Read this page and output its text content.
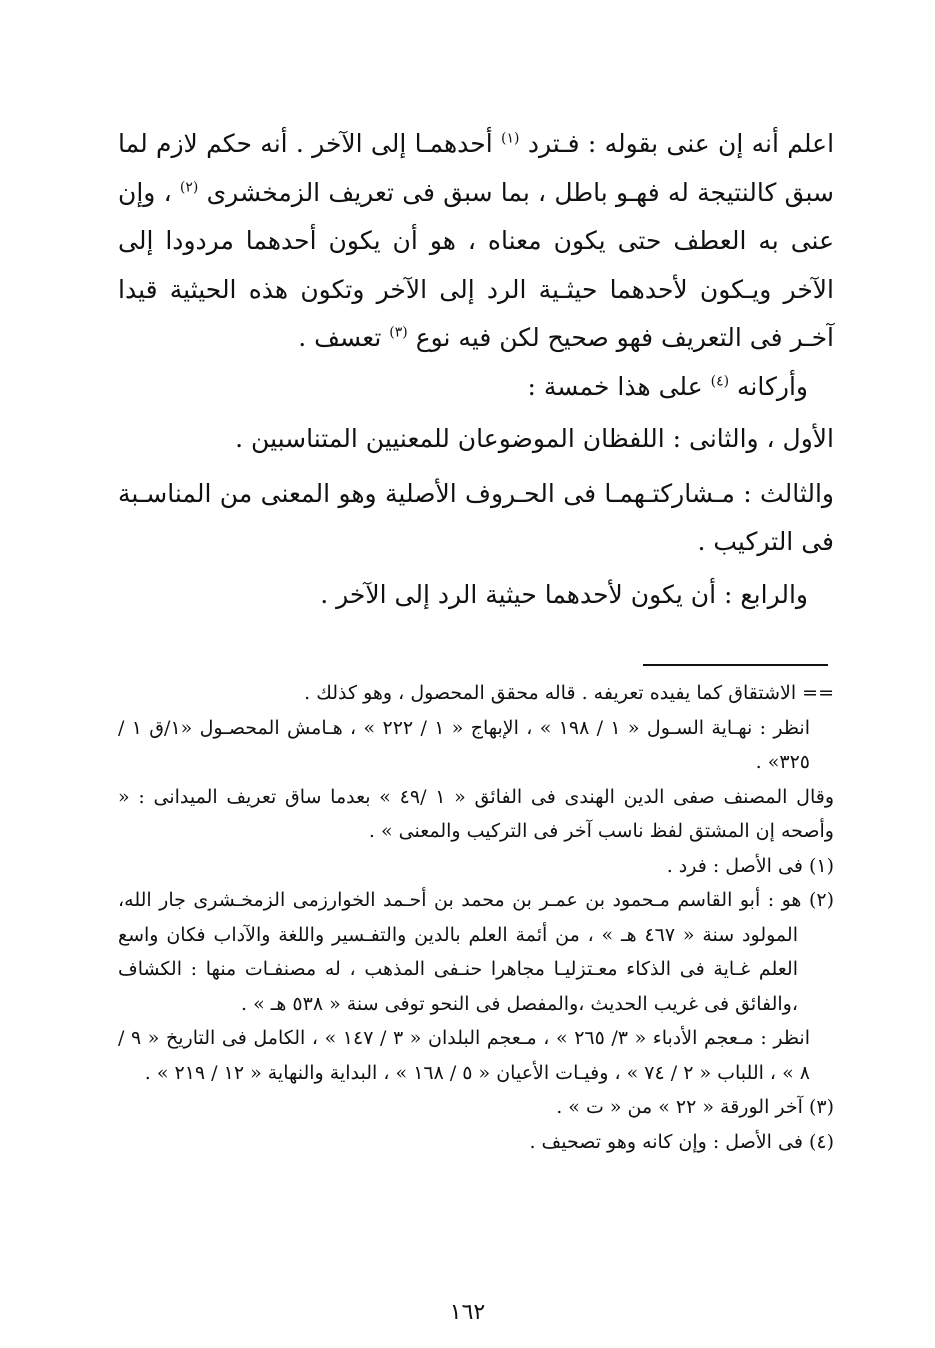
اعلم أنه إن عنى بقوله : فـترد $^{(١)}$ أحدهمـا إلى الآخر . أنه حكم لازم لما سبق كالنتيجة له فهـو باطل ، بما سبق فى تعريف الزمخشرى $^{(٢)}$ ، وإن عنى به العطف حتى يكون معناه ، هو أن يكون أحدهما مردودا إلى الآخر ويـكون لأحدهما حيثـية الرد إلى الآخر وتكون هذه الحيثية قيدا آخـر فى التعريف فهو صحيح لكن فيه نوع $^{(٣)}$ تعسف .

وأركانه $^{(٤)}$ على هذا خمسة :

الأول ، والثانى : اللفظان الموضوعان للمعنيين المتناسبين .

والثالث : مـشاركتـهمـا فى الحـروف الأصلية وهو المعنى من المناسـبة فى التركيب .

والرابع : أن يكون لأحدهما حيثية الرد إلى الآخر .

== الاشتقاق كما يفيده تعريفه . قاله محقق المحصول ، وهو كذلك .

انظر : نهـاية السـول « ١ / ١٩٨ » ، الإبهاج « ١ / ٢٢٢ » ، هـامش المحصـول «١/ق ١ / ٣٢٥» .

وقال المصنف صفى الدين الهندى فى الفائق « ١ /٤٩ » بعدما ساق تعريف الميدانى : « وأصحه إن المشتق لفظ ناسب آخر فى التركيب والمعنى » .

(١) فى الأصل : فرد .

(٢) هو : أبو القاسم مـحمود بن عمـر بن محمد بن أحـمد الخوارزمى الزمخـشرى جار الله، المولود سنة « ٤٦٧ هـ » ، من أئمة العلم بالدين والتفـسير واللغة والآداب فكان واسع العلم غـاية فى الذكاء معـتزليـا مجاهرا حنـفى المذهب ، له مصنفـات منها : الكشاف ،والفائق فى غريب الحديث ،والمفصل فى النحو توفى سنة « ٥٣٨ هـ » .

انظر : مـعجم الأدباء « ٣/ ٢٦٥ » ، مـعجم البلدان « ٣ / ١٤٧ » ، الكامل فى التاريخ « ٩ / ٨ » ، اللباب « ٢ / ٧٤ » ، وفيـات الأعيان « ٥ / ١٦٨ » ، البداية والنهاية « ١٢ / ٢١٩ » .

(٣) آخر الورقة « ٢٢ » من « ت » .

(٤) فى الأصل : وإن كانه وهو تصحيف .

١٦٢
